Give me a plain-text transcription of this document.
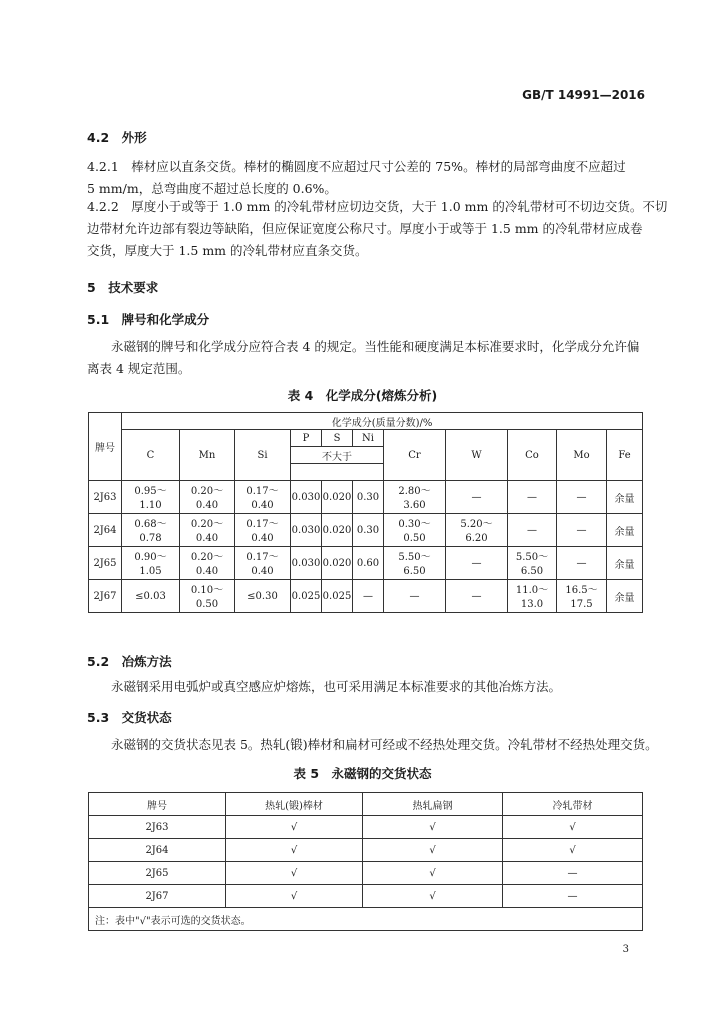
GB/T 14991—2016
4.2　外形
4.2.1　棒材应以直条交货。棒材的椭圆度不应超过尺寸公差的 75%。棒材的局部弯曲度不应超过
5 mm/m，总弯曲度不超过总长度的 0.6%。
4.2.2　厚度小于或等于 1.0 mm 的冷轧带材应切边交货，大于 1.0 mm 的冷轧带材可不切边交货。不切
边带材允许边部有裂边等缺陷，但应保证宽度公称尺寸。厚度小于或等于 1.5 mm 的冷轧带材应成卷
交货，厚度大于 1.5 mm 的冷轧带材应直条交货。
5　技术要求
5.1　牌号和化学成分
永磁钢的牌号和化学成分应符合表 4 的规定。当性能和硬度满足本标准要求时，化学成分允许偏
离表 4 规定范围。
表 4　化学成分(熔炼分析)
牌号	化学成分(质量分数)/%										
	C	Mn	Si	P	S	Ni	Cr	W	Co	Mo	Fe
				不大于							

2J63	0.95～	0.20～	0.17～	0.030	0.020	0.30	2.80～	—	—	—	余量
	1.10	0.40	0.40				3.60				
2J64	0.68～	0.20～	0.17～	0.030	0.020	0.30	0.30～	5.20～	—	—	余量
	0.78	0.40	0.40				0.50	6.20			
2J65	0.90～	0.20～	0.17～	0.030	0.020	0.60	5.50～	—	5.50～	—	余量
	1.05	0.40	0.40				6.50		6.50		
2J67	≤0.03	0.10～	≤0.30	0.025	0.025	—	—	—	11.0～	16.5～	余量
		0.50							13.0	17.5	
5.2　冶炼方法
永磁钢采用电弧炉或真空感应炉熔炼，也可采用满足本标准要求的其他冶炼方法。
5.3　交货状态
永磁钢的交货状态见表 5。热轧(锻)棒材和扁材可经或不经热处理交货。冷轧带材不经热处理交货。
表 5　永磁钢的交货状态
牌号	热轧(锻)棒材	热轧扁钢	冷轧带材
2J63	√	√	√
2J64	√	√	√
2J65	√	√	—
2J67	√	√	—
注：表中"√"表示可选的交货状态。			
3
